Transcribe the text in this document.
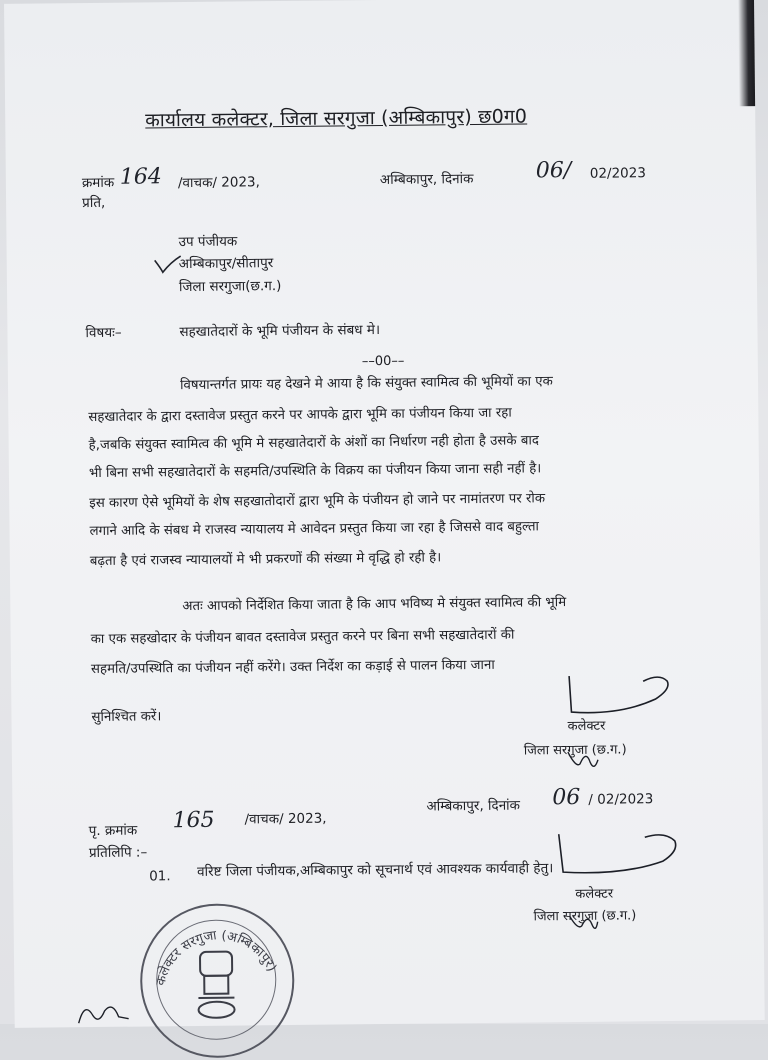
कार्यालय कलेक्टर, जिला सरगुजा (अम्बिकापुर) छ0ग0
क्रमांक 164 /वाचक/ 2023,	अम्बिकापुर, दिनांक	06/ 02/2023
प्रति,
उप पंजीयक
अम्बिकापुर/सीतापुर
जिला सरगुजा(छ.ग.)
विषयः–	सहखातेदारों के भूमि पंजीयन के संबध मे।
––00––
विषयान्तर्गत प्रायः यह देखने मे आया है कि संयुक्त स्वामित्व की भूमियों का एक
सहखातेदार के द्वारा दस्तावेज प्रस्तुत करने पर आपके द्वारा भूमि का पंजीयन किया जा रहा
है,जबकि संयुक्त स्वामित्व की भूमि मे सहखातेदारों के अंशों का निर्धारण नही होता है उसके बाद
भी बिना सभी सहखातेदारों के सहमति/उपस्थिति के विक्रय का पंजीयन किया जाना सही नहीं है।
इस कारण ऐसे भूमियों के शेष सहखातोदारों द्वारा भूमि के पंजीयन हो जाने पर नामांतरण पर रोक
लगाने आदि के संबध मे राजस्व न्यायालय मे आवेदन प्रस्तुत किया जा रहा है जिससे वाद बहुल्ता
बढ़ता है एवं राजस्व न्यायालयों मे भी प्रकरणों की संख्या मे वृद्धि हो रही है।
अतः आपको निर्देशित किया जाता है कि आप भविष्य मे संयुक्त स्वामित्व की भूमि
का एक सहखोदार के पंजीयन बावत दस्तावेज प्रस्तुत करने पर बिना सभी सहखातेदारों की
सहमति/उपस्थिति का पंजीयन नहीं करेंगे। उक्त निर्देश का कड़ाई से पालन किया जाना
सुनिश्चित करें।
कलेक्टर
जिला सरगुजा (छ.ग.)
अम्बिकापुर, दिनांक 06 / 02/2023
पृ. क्रमांक 165 /वाचक/ 2023,
प्रतिलिपि :–
01. वरिष्ट जिला पंजीयक,अम्बिकापुर को सूचनार्थ एवं आवश्यक कार्यवाही हेतु।
कलेक्टर
जिला सरगुजा (छ.ग.)
कलेक्टर सरगुजा (अम्बिकापुर)
